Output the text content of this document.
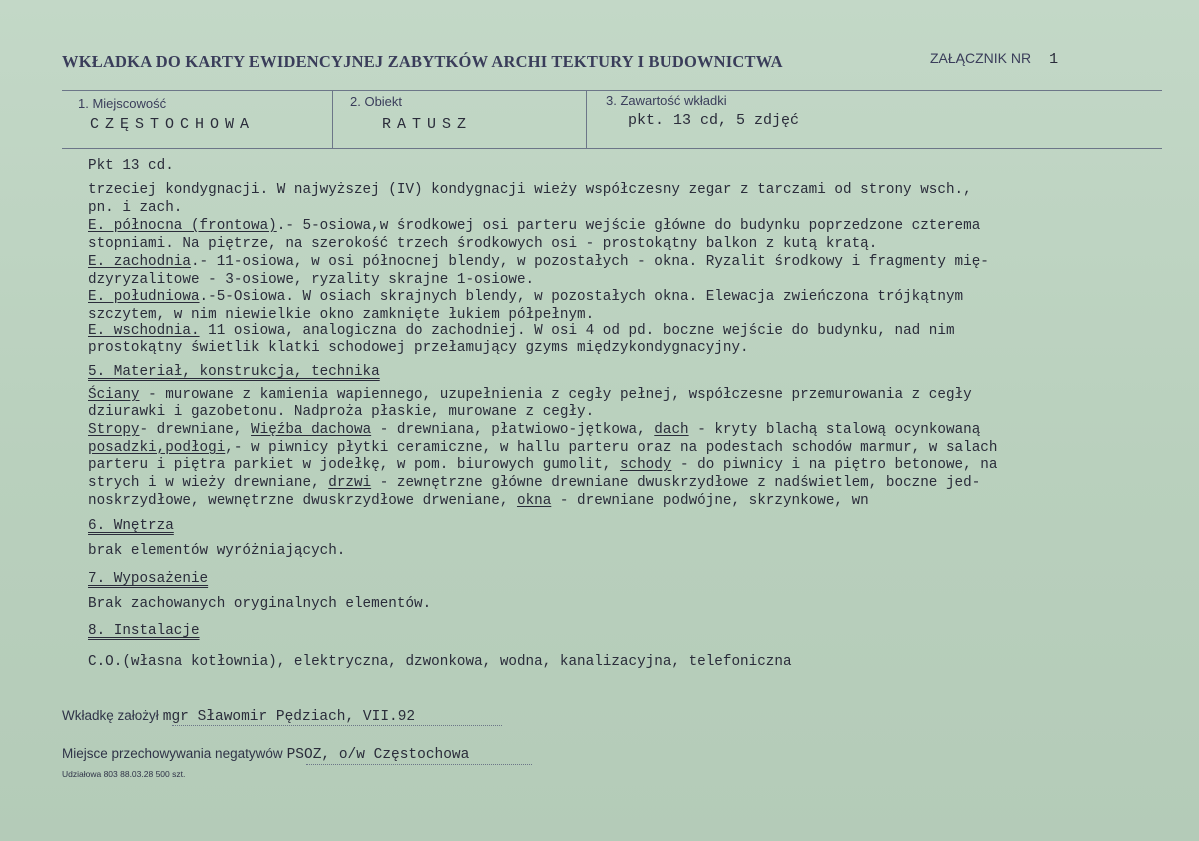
WKŁADKA DO KARTY EWIDENCYJNEJ ZABYTKÓW ARCHI TEKTURY I BUDOWNICTWA	ZAŁĄCZNIK NR 1
1. Miejscowość
CZĘSTOCHOWA
2. Obiekt
RATUSZ
3. Zawartość wkładki
pkt. 13 cd, 5 zdjęć
Pkt 13 cd.
trzeciej kondygnacji. W najwyższej (IV) kondygnacji wieży współczesny zegar z tarczami od strony wsch.,
pn. i zach.
E. północna (frontowa).- 5-osiowa,w środkowej osi parteru wejście główne do budynku poprzedzone czterema
stopniami. Na piętrze, na szerokość trzech środkowych osi - prostokątny balkon z kutą kratą.
E. zachodnia.- 11-osiowa, w osi północnej blendy, w pozostałych - okna. Ryzalit środkowy i fragmenty mię-
dzyryzalitowe - 3-osiowe, ryzality skrajne 1-osiowe.
E. południowa.-5-Osiowa. W osiach skrajnych blendy, w pozostałych okna. Elewacja zwieńczona trójkątnym
szczytem, w nim niewielkie okno zamknięte łukiem półpełnym.
E. wschodnia. 11 osiowa, analogiczna do zachodniej. W osi 4 od pd. boczne wejście do budynku, nad nim
prostokątny świetlik klatki schodowej przełamujący gzyms międzykondygnacyjny.
5. Materiał, konstrukcja, technika
Ściany - murowane z kamienia wapiennego, uzupełnienia z cegły pełnej, współczesne przemurowania z cegły
dziurawki i gazobetonu. Nadproża płaskie, murowane z cegły.
Stropy- drewniane, Więźba dachowa - drewniana, płatwiowo-jętkowa, dach - kryty blachą stalową ocynkowaną
posadzki,podłogi,- w piwnicy płytki ceramiczne, w hallu parteru oraz na podestach schodów marmur, w salach
parteru i piętra parkiet w jodełkę, w pom. biurowych gumolit, schody - do piwnicy i na piętro betonowe, na
strych i w wieży drewniane, drzwi - zewnętrzne główne drewniane dwuskrzydłowe z nadświetlem, boczne jed-
noskrzydłowe, wewnętrzne dwuskrzydłowe drweniane, okna - drewniane podwójne, skrzynkowe, wn
6. Wnętrza
brak elementów wyróżniających.
7. Wyposażenie
Brak zachowanych oryginalnych elementów.
8. Instalacje
C.O.(własna kotłownia), elektryczna, dzwonkowa, wodna, kanalizacyjna, telefoniczna
Wkładkę założył mgr Sławomir Pędziach, VII.92
Miejsce przechowywania negatywów PSOZ, o/w Częstochowa
Udziałowa 803 88.03.28 500 szt.
